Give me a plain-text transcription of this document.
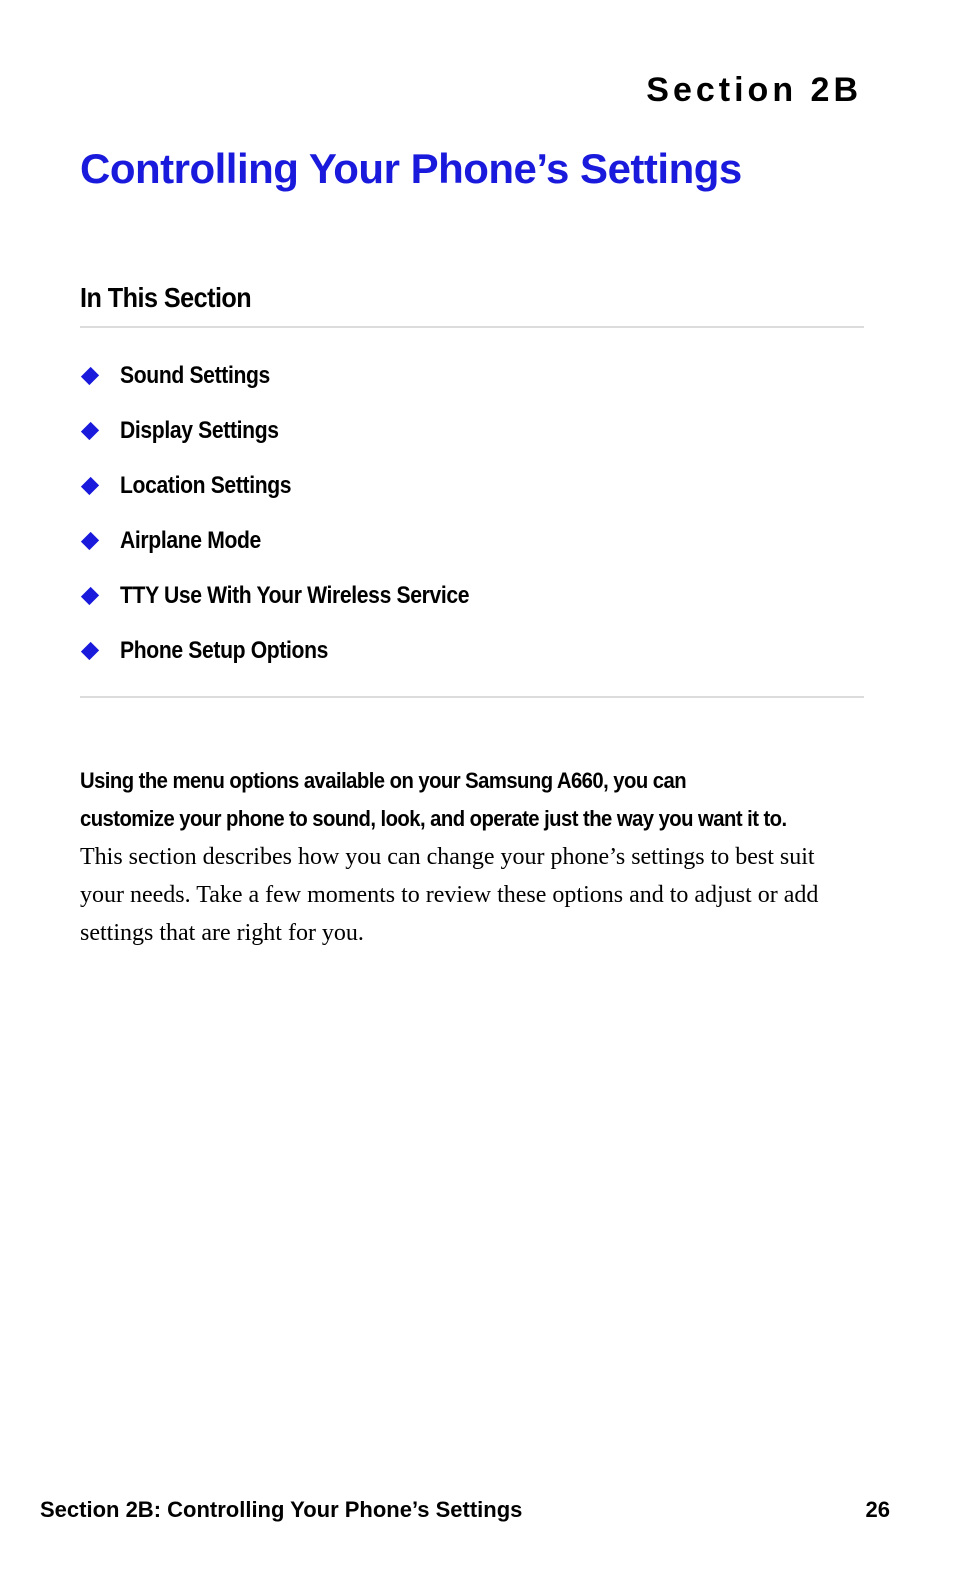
Section 2B
Controlling Your Phone’s Settings
In This Section
Sound Settings
Display Settings
Location Settings
Airplane Mode
TTY Use With Your Wireless Service
Phone Setup Options

Using the menu options available on your Samsung A660, you can
customize your phone to sound, look, and operate just the way you want it to.
This section describes how you can change your phone’s settings to best suit your needs. Take a few moments to review these options and to adjust or add settings that are right for you.

Section 2B: Controlling Your Phone’s Settings	26
